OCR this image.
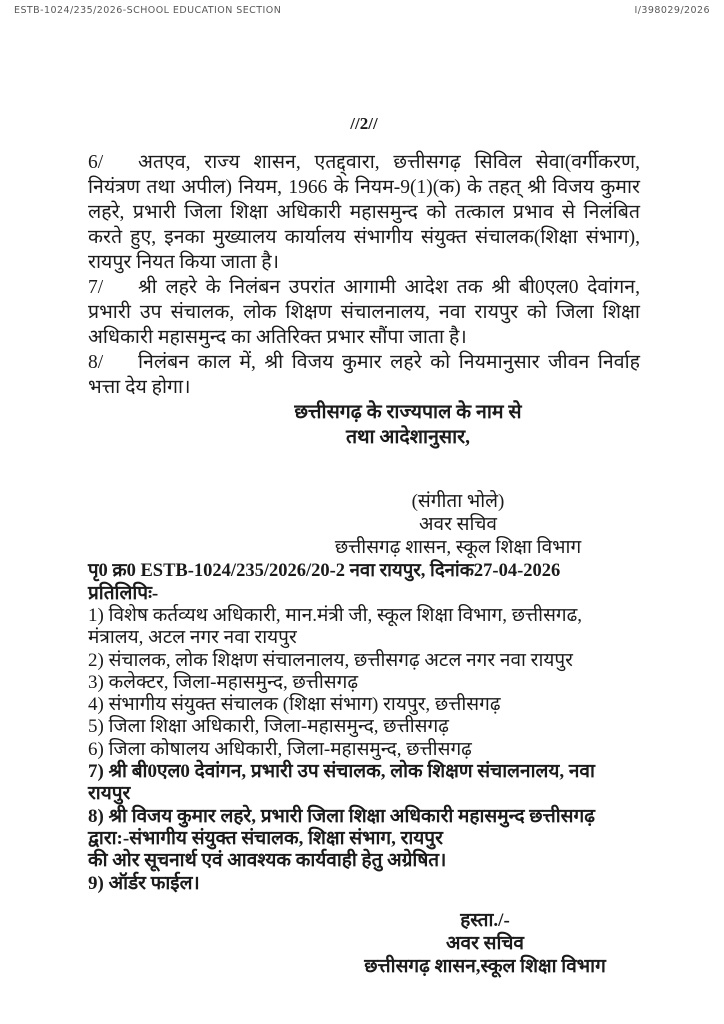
ESTB-1024/235/2026-SCHOOL EDUCATION SECTION	I/398029/2026
//2//
6/ अतएव, राज्य शासन, एतद्द्वारा, छत्तीसगढ़ सिविल सेवा(वर्गीकरण, नियंत्रण तथा अपील) नियम, 1966 के नियम-9(1)(क) के तहत् श्री विजय कुमार लहरे, प्रभारी जिला शिक्षा अधिकारी महासमुन्द को तत्काल प्रभाव से निलंबित करते हुए, इनका मुख्यालय कार्यालय संभागीय संयुक्त संचालक(शिक्षा संभाग), रायपुर नियत किया जाता है।
7/ श्री लहरे के निलंबन उपरांत आगामी आदेश तक श्री बी0एल0 देवांगन, प्रभारी उप संचालक, लोक शिक्षण संचालनालय, नवा रायपुर को जिला शिक्षा अधिकारी महासमुन्द का अतिरिक्त प्रभार सौंपा जाता है।
8/ निलंबन काल में, श्री विजय कुमार लहरे को नियमानुसार जीवन निर्वाह भत्ता देय होगा।
छत्तीसगढ़ के राज्यपाल के नाम से
तथा आदेशानुसार,
(संगीता भोले)
अवर सचिव
छत्तीसगढ़ शासन, स्कूल शिक्षा विभाग
पृ0 क्र0 ESTB-1024/235/2026/20-2 नवा रायपुर, दिनांक27-04-2026
प्रतिलिपिः-
1) विशेष कर्तव्यथ अधिकारी, मान.मंत्री जी, स्कूल शिक्षा विभाग, छत्तीसगढ, मंत्रालय, अटल नगर नवा रायपुर
2) संचालक, लोक शिक्षण संचालनालय, छत्तीसगढ़ अटल नगर नवा रायपुर
3) कलेक्टर, जिला-महासमुन्द, छत्तीसगढ़
4) संभागीय संयुक्त संचालक (शिक्षा संभाग) रायपुर, छत्तीसगढ़
5) जिला शिक्षा अधिकारी, जिला-महासमुन्द, छत्तीसगढ़
6) जिला कोषालय अधिकारी, जिला-महासमुन्द, छत्तीसगढ़
7) श्री बी0एल0 देवांगन, प्रभारी उप संचालक, लोक शिक्षण संचालनालय, नवा रायपुर
8) श्री विजय कुमार लहरे, प्रभारी जिला शिक्षा अधिकारी महासमुन्द छत्तीसगढ़
द्वारा:-संभागीय संयुक्त संचालक, शिक्षा संभाग, रायपुर
की ओर सूचनार्थ एवं आवश्यक कार्यवाही हेतु अग्रेषित।
9) ऑर्डर फाईल।
हस्ता./-
अवर सचिव
छत्तीसगढ़ शासन,स्कूल शिक्षा विभाग
